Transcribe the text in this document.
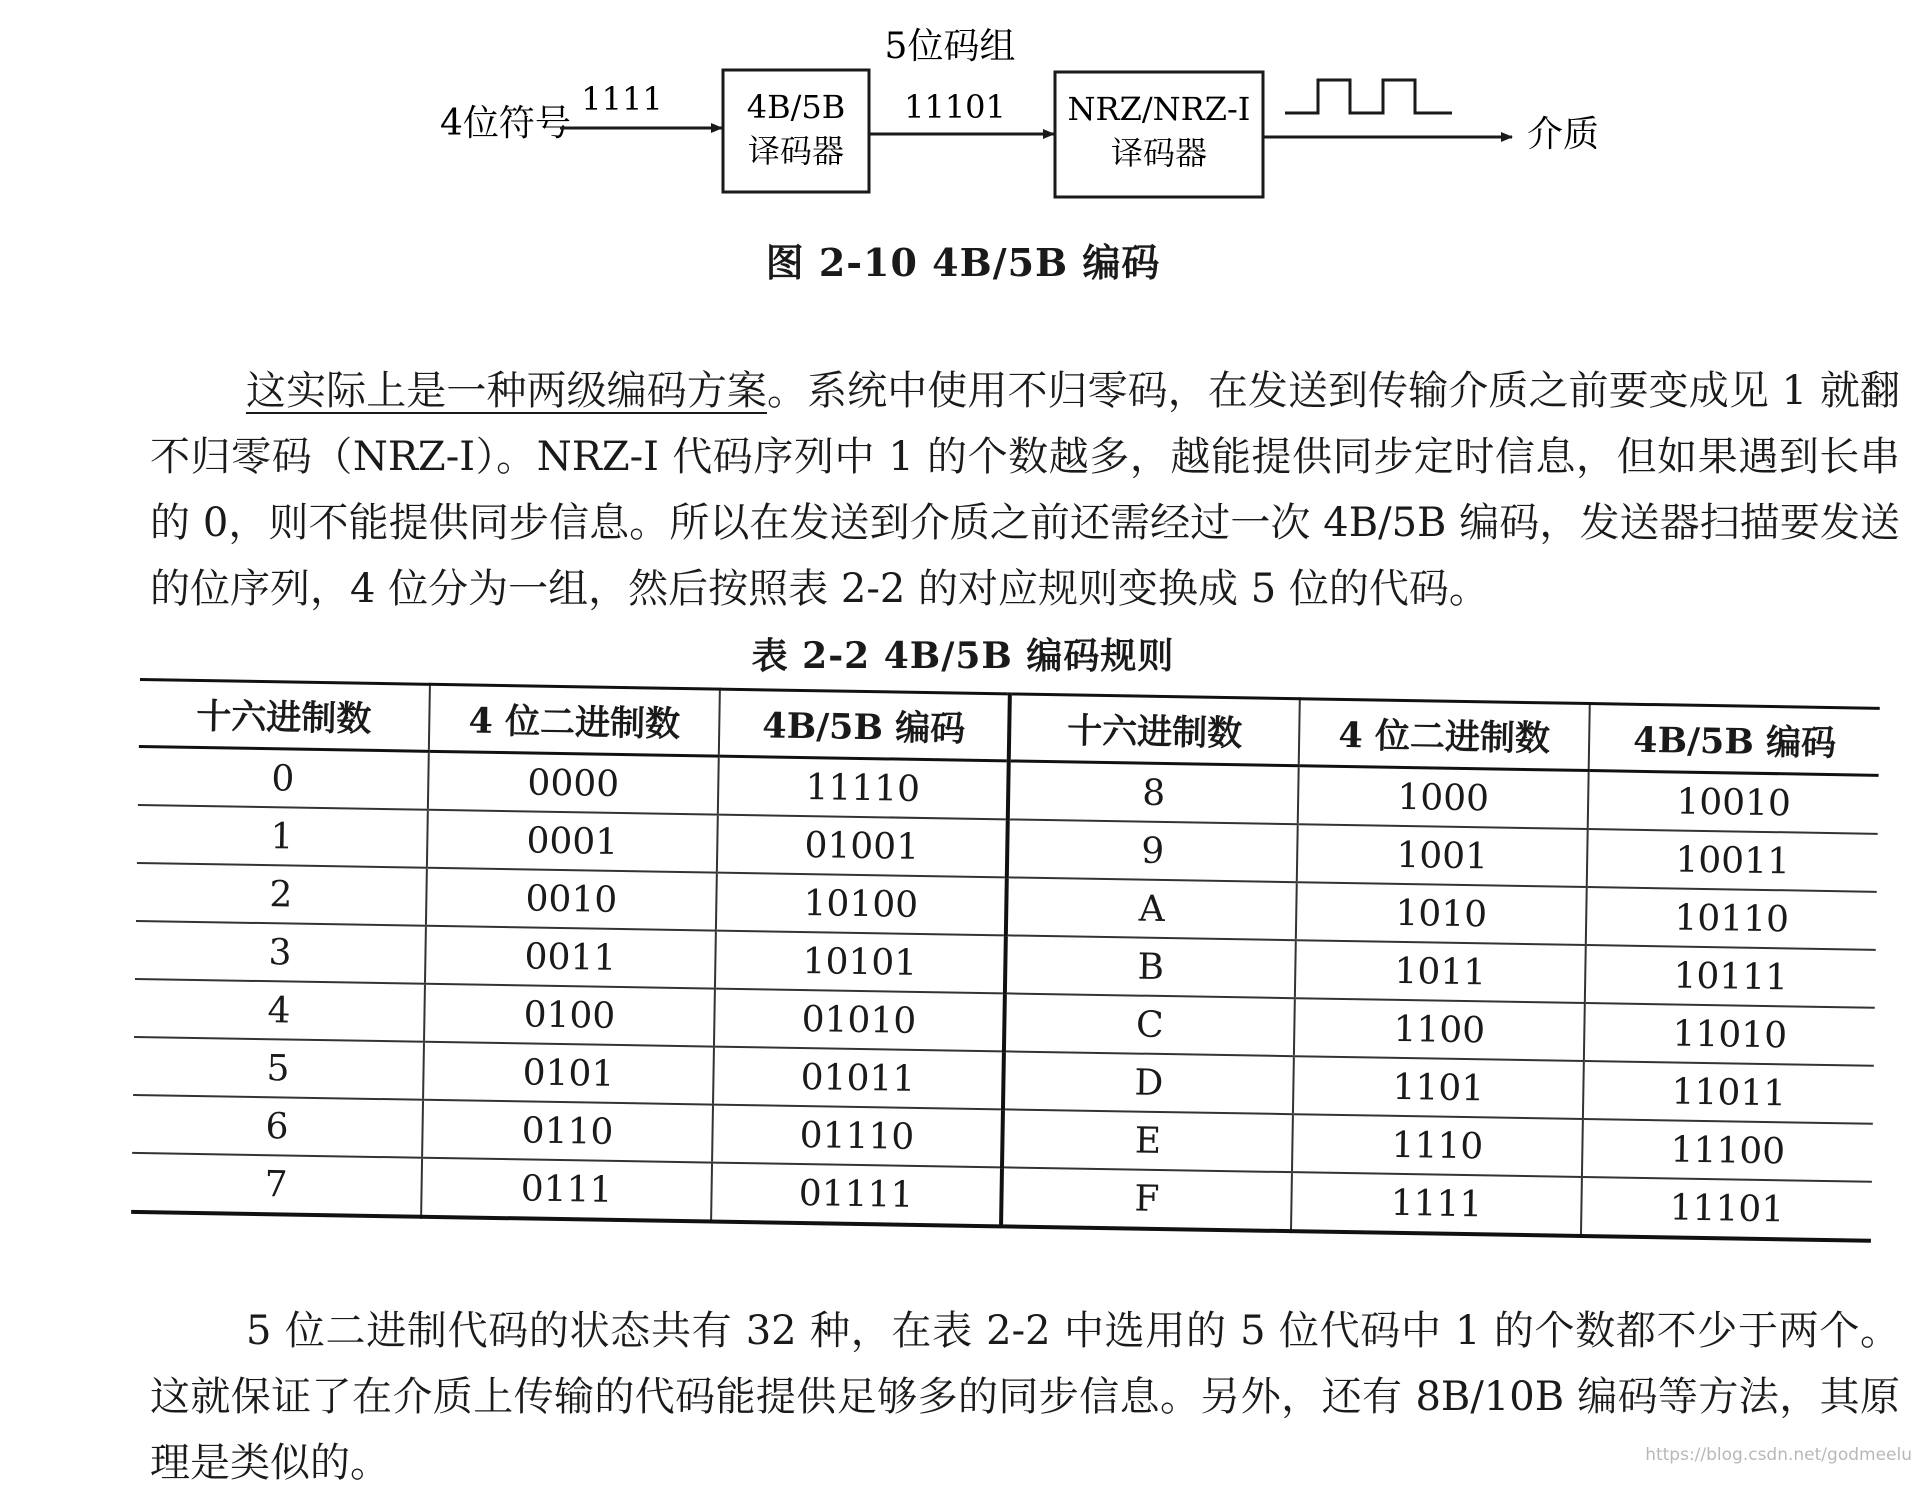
5位码组
4位符号
1111	4B/5B
译码器
11101 NRZ/NRZ-I
译码器	介质
图 2-10 4B/5B 编码

这实际上是一种两级编码方案。系统中使用不归零码，在发送到传输介质之前要变成见 1 就翻不归零码（NRZ-I）。NRZ-I 代码序列中 1 的个数越多，越能提供同步定时信息，但如果遇到长串的 0，则不能提供同步信息。所以在发送到介质之前还需经过一次 4B/5B 编码，发送器扫描要发送的位序列，4 位分为一组，然后按照表 2-2 的对应规则变换成 5 位的代码。

表 2-2 4B/5B 编码规则
十六进制数	4 位二进制数	4B/5B 编码	十六进制数	4 位二进制数	4B/5B 编码
0	0000	11110	8	1000	10010
1	0001	01001	9	1001	10011
2	0010	10100	A	1010	10110
3	0011	10101	B	1011	10111
4	0100	01010	C	1100	11010
5	0101	01011	D	1101	11011
6	0110	01110	E	1110	11100
7	0111	01111	F	1111	11101

5 位二进制代码的状态共有 32 种，在表 2-2 中选用的 5 位代码中 1 的个数都不少于两个。这就保证了在介质上传输的代码能提供足够多的同步信息。另外，还有 8B/10B 编码等方法，其原理是类似的。	https://blog.csdn.net/godmeelu
